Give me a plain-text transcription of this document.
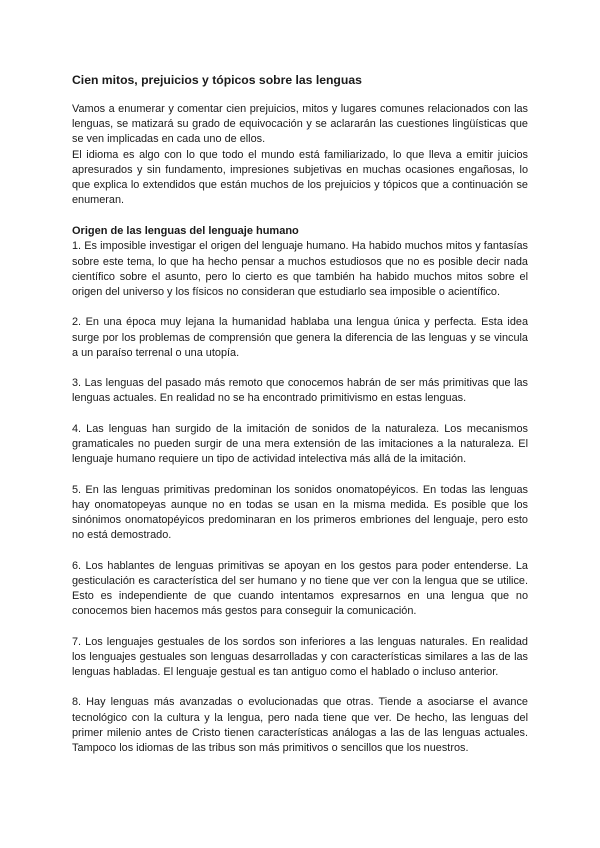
Cien mitos, prejuicios y tópicos sobre las lenguas

Vamos a enumerar y comentar cien prejuicios, mitos y lugares comunes relacionados con las lenguas, se matizará su grado de equivocación y se aclararán las cuestiones lingüísticas que se ven implicadas en cada uno de ellos.

El idioma es algo con lo que todo el mundo está familiarizado, lo que lleva a emitir juicios apresurados y sin fundamento, impresiones subjetivas en muchas ocasiones engañosas, lo que explica lo extendidos que están muchos de los prejuicios y tópicos que a continuación se enumeran.

Origen de las lenguas del lenguaje humano

1. Es imposible investigar el origen del lenguaje humano. Ha habido muchos mitos y fantasías sobre este tema, lo que ha hecho pensar a muchos estudiosos que no es posible decir nada científico sobre el asunto, pero lo cierto es que también ha habido muchos mitos sobre el origen del universo y los físicos no consideran que estudiarlo sea imposible o acientífico.

2. En una época muy lejana la humanidad hablaba una lengua única y perfecta. Esta idea surge por los problemas de comprensión que genera la diferencia de las lenguas y se vincula a un paraíso terrenal o una utopía.

3. Las lenguas del pasado más remoto que conocemos habrán de ser más primitivas que las lenguas actuales. En realidad no se ha encontrado primitivismo en estas lenguas.

4. Las lenguas han surgido de la imitación de sonidos de la naturaleza. Los mecanismos gramaticales no pueden surgir de una mera extensión de las imitaciones a la naturaleza. El lenguaje humano requiere un tipo de actividad intelectiva más allá de la imitación.

5. En las lenguas primitivas predominan los sonidos onomatopéyicos. En todas las lenguas hay onomatopeyas aunque no en todas se usan en la misma medida. Es posible que los sinónimos onomatopéyicos predominaran en los primeros embriones del lenguaje, pero esto no está demostrado.

6. Los hablantes de lenguas primitivas se apoyan en los gestos para poder entenderse. La gesticulación es característica del ser humano y no tiene que ver con la lengua que se utilice. Esto es independiente de que cuando intentamos expresarnos en una lengua que no conocemos bien hacemos más gestos para conseguir la comunicación.

7. Los lenguajes gestuales de los sordos son inferiores a las lenguas naturales. En realidad los lenguajes gestuales son lenguas desarrolladas y con características similares a las de las lenguas habladas. El lenguaje gestual es tan antiguo como el hablado o incluso anterior.

8. Hay lenguas más avanzadas o evolucionadas que otras. Tiende a asociarse el avance tecnológico con la cultura y la lengua, pero nada tiene que ver. De hecho, las lenguas del primer milenio antes de Cristo tienen características análogas a las de las lenguas actuales. Tampoco los idiomas de las tribus son más primitivos o sencillos que los nuestros.
